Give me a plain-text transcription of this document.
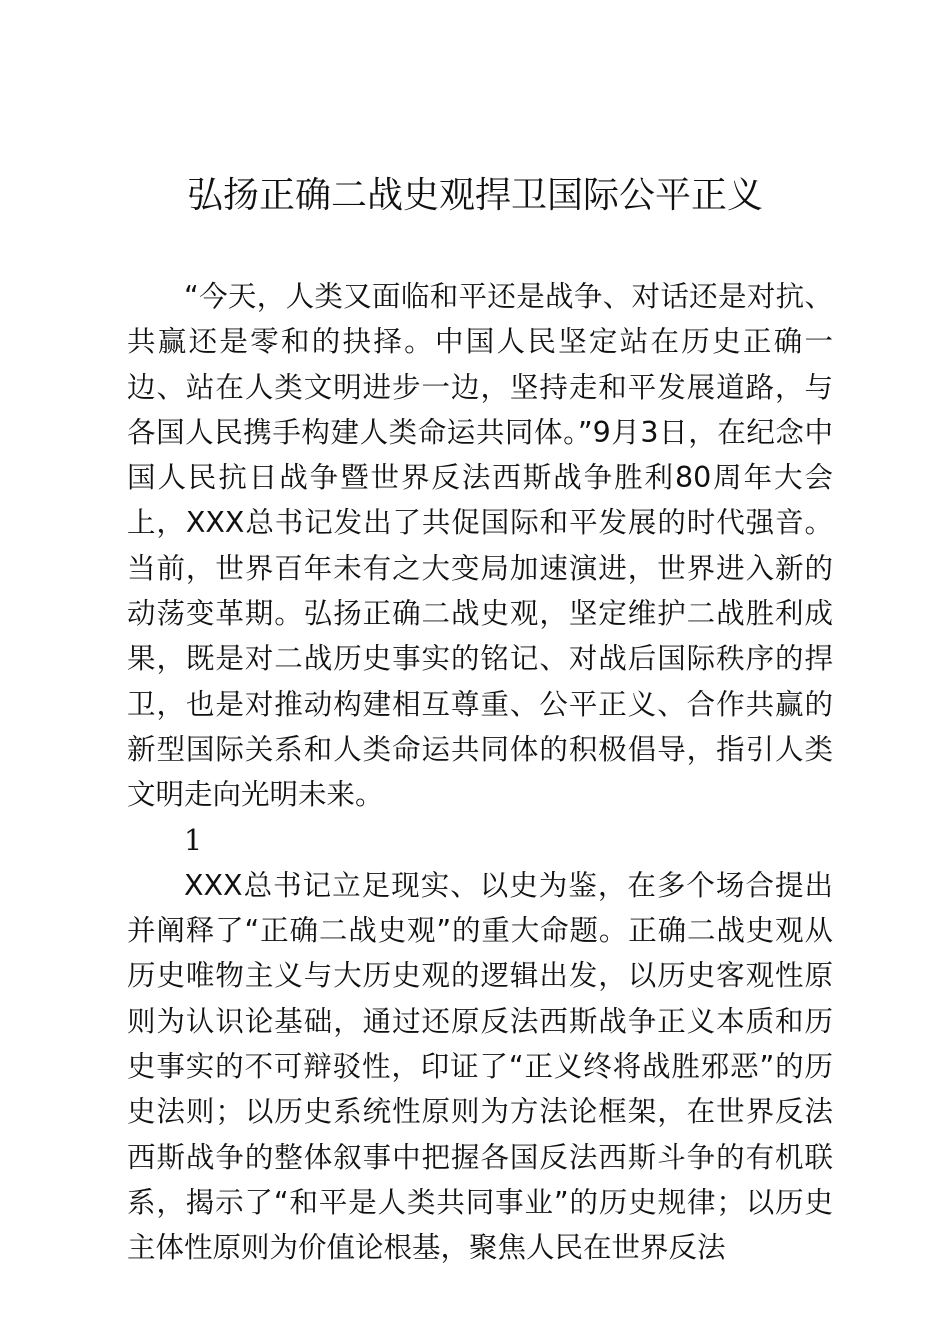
弘扬正确二战史观捍卫国际公平正义

“今天，人类又面临和平还是战争、对话还是对抗、共赢还是零和的抉择。中国人民坚定站在历史正确一边、站在人类文明进步一边，坚持走和平发展道路，与各国人民携手构建人类命运共同体。”9月3日，在纪念中国人民抗日战争暨世界反法西斯战争胜利80周年大会上，XXX总书记发出了共促国际和平发展的时代强音。当前，世界百年未有之大变局加速演进，世界进入新的动荡变革期。弘扬正确二战史观，坚定维护二战胜利成果，既是对二战历史事实的铭记、对战后国际秩序的捍卫，也是对推动构建相互尊重、公平正义、合作共赢的新型国际关系和人类命运共同体的积极倡导，指引人类文明走向光明未来。

1

XXX总书记立足现实、以史为鉴，在多个场合提出并阐释了“正确二战史观”的重大命题。正确二战史观从历史唯物主义与大历史观的逻辑出发，以历史客观性原则为认识论基础，通过还原反法西斯战争正义本质和历史事实的不可辩驳性，印证了“正义终将战胜邪恶”的历史法则；以历史系统性原则为方法论框架，在世界反法西斯战争的整体叙事中把握各国反法西斯斗争的有机联系，揭示了“和平是人类共同事业”的历史规律；以历史主体性原则为价值论根基，聚焦人民在世界反法
